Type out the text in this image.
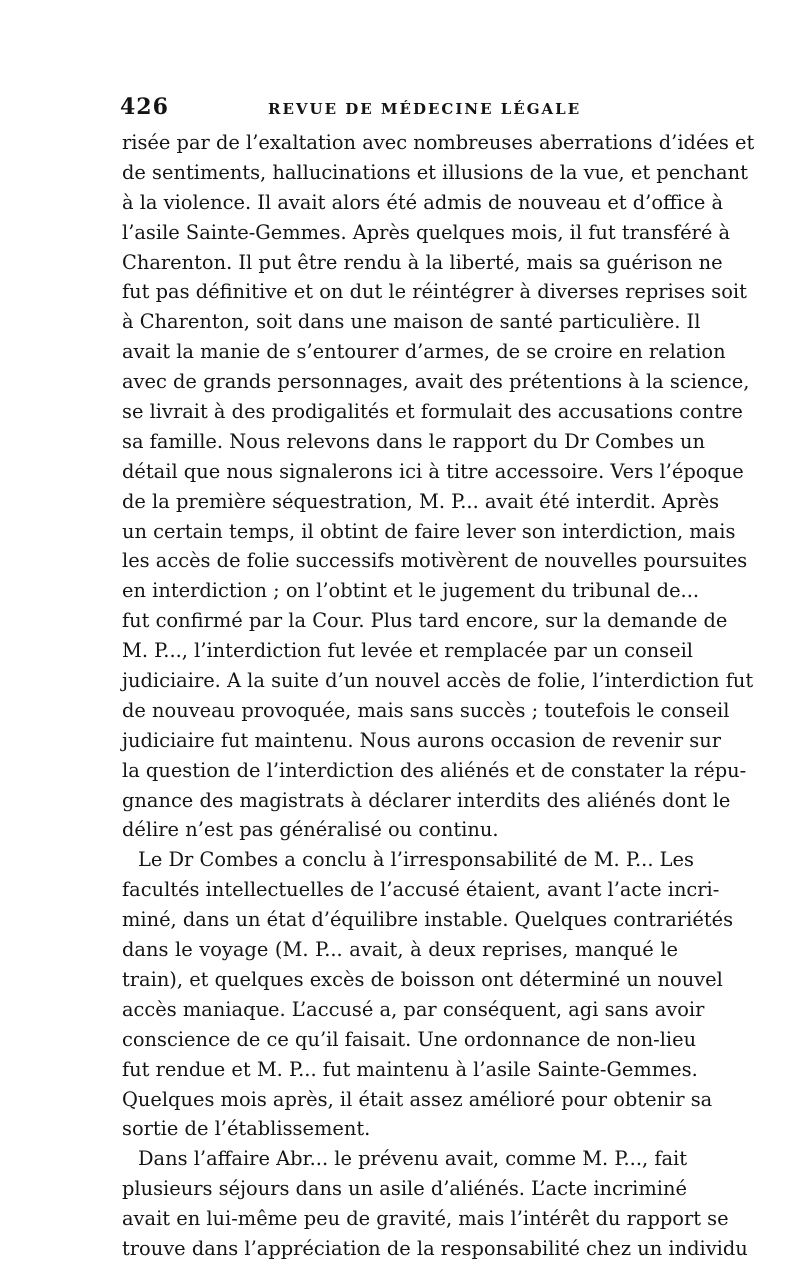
426	REVUE DE MÉDECINE LÉGALE
risée par de l’exaltation avec nombreuses aberrations d’idées et
de sentiments, hallucinations et illusions de la vue, et penchant
à la violence. Il avait alors été admis de nouveau et d’office à
l’asile Sainte-Gemmes. Après quelques mois, il fut transféré à
Charenton. Il put être rendu à la liberté, mais sa guérison ne
fut pas définitive et on dut le réintégrer à diverses reprises soit
à Charenton, soit dans une maison de santé particulière. Il
avait la manie de s’entourer d’armes, de se croire en relation
avec de grands personnages, avait des prétentions à la science,
se livrait à des prodigalités et formulait des accusations contre
sa famille. Nous relevons dans le rapport du Dr Combes un
détail que nous signalerons ici à titre accessoire. Vers l’époque
de la première séquestration, M. P... avait été interdit. Après
un certain temps, il obtint de faire lever son interdiction, mais
les accès de folie successifs motivèrent de nouvelles poursuites
en interdiction ; on l’obtint et le jugement du tribunal de...
fut confirmé par la Cour. Plus tard encore, sur la demande de
M. P..., l’interdiction fut levée et remplacée par un conseil
judiciaire. A la suite d’un nouvel accès de folie, l’interdiction fut
de nouveau provoquée, mais sans succès ; toutefois le conseil
judiciaire fut maintenu. Nous aurons occasion de revenir sur
la question de l’interdiction des aliénés et de constater la répu-
gnance des magistrats à déclarer interdits des aliénés dont le
délire n’est pas généralisé ou continu.
Le Dr Combes a conclu à l’irresponsabilité de M. P... Les
facultés intellectuelles de l’accusé étaient, avant l’acte incri-
miné, dans un état d’équilibre instable. Quelques contrariétés
dans le voyage (M. P... avait, à deux reprises, manqué le
train), et quelques excès de boisson ont déterminé un nouvel
accès maniaque. L’accusé a, par conséquent, agi sans avoir
conscience de ce qu’il faisait. Une ordonnance de non-lieu
fut rendue et M. P... fut maintenu à l’asile Sainte-Gemmes.
Quelques mois après, il était assez amélioré pour obtenir sa
sortie de l’établissement.
Dans l’affaire Abr... le prévenu avait, comme M. P..., fait
plusieurs séjours dans un asile d’aliénés. L’acte incriminé
avait en lui-même peu de gravité, mais l’intérêt du rapport se
trouve dans l’appréciation de la responsabilité chez un individu
